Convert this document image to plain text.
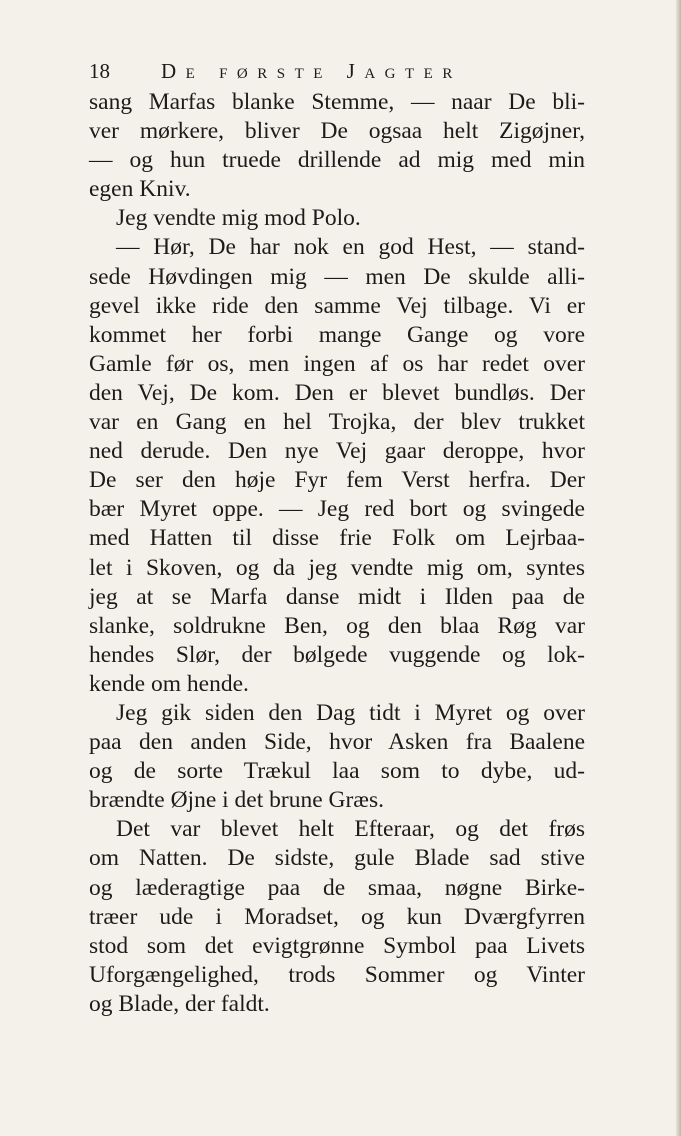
18 De første Jagter
sang Marfas blanke Stemme, — naar De bli-
ver mørkere, bliver De ogsaa helt Zigøjner,
— og hun truede drillende ad mig med min
egen Kniv.
Jeg vendte mig mod Polo.
— Hør, De har nok en god Hest, — stand-
sede Høvdingen mig — men De skulde alli-
gevel ikke ride den samme Vej tilbage. Vi er
kommet her forbi mange Gange og vore
Gamle før os, men ingen af os har redet over
den Vej, De kom. Den er blevet bundløs. Der
var en Gang en hel Trojka, der blev trukket
ned derude. Den nye Vej gaar deroppe, hvor
De ser den høje Fyr fem Verst herfra. Der
bær Myret oppe. — Jeg red bort og svingede
med Hatten til disse frie Folk om Lejrbaa-
let i Skoven, og da jeg vendte mig om, syntes
jeg at se Marfa danse midt i Ilden paa de
slanke, soldrukne Ben, og den blaa Røg var
hendes Slør, der bølgede vuggende og lok-
kende om hende.
Jeg gik siden den Dag tidt i Myret og over
paa den anden Side, hvor Asken fra Baalene
og de sorte Trækul laa som to dybe, ud-
brændte Øjne i det brune Græs.
Det var blevet helt Efteraar, og det frøs
om Natten. De sidste, gule Blade sad stive
og læderagtige paa de smaa, nøgne Birke-
træer ude i Moradset, og kun Dværgfyrren
stod som det evigtgrønne Symbol paa Livets
Uforgængelighed, trods Sommer og Vinter
og Blade, der faldt.
